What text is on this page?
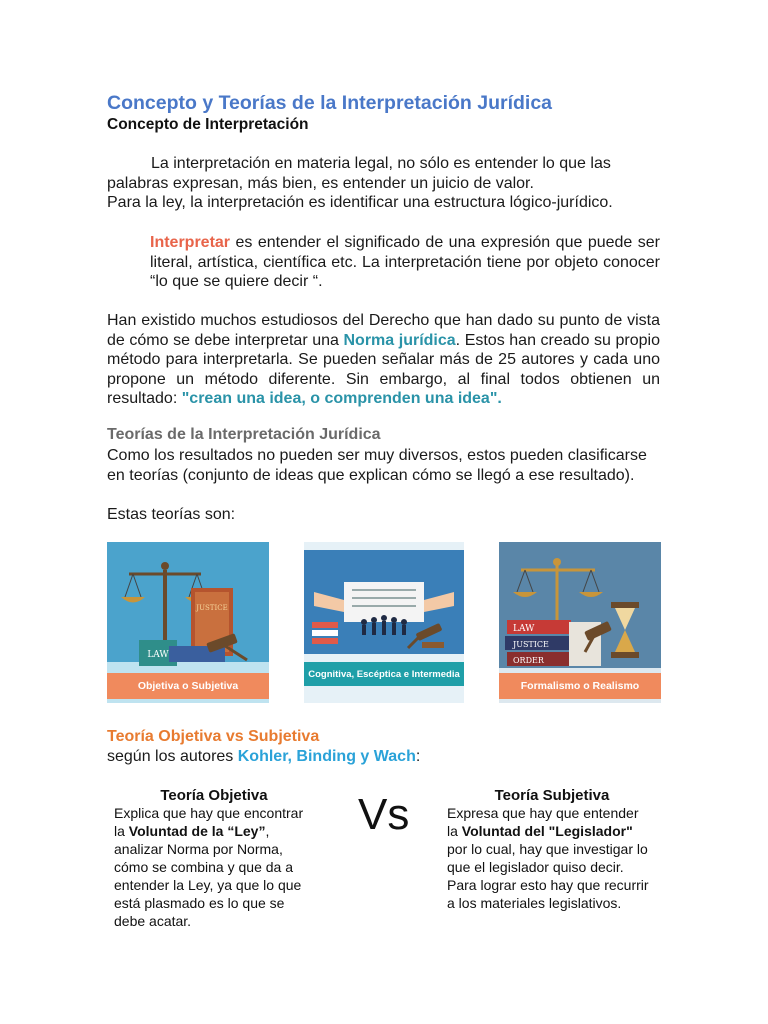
Concepto y Teorías de la Interpretación Jurídica
Concepto de Interpretación
La interpretación en materia legal, no sólo es entender lo que las palabras expresan, más bien, es entender un juicio de valor.
Para la ley, la interpretación es identificar una estructura lógico-jurídico.
Interpretar es entender el significado de una expresión que puede ser literal, artística, científica etc. La interpretación tiene por objeto conocer “lo que se quiere decir “.
Han existido muchos estudiosos del Derecho que han dado su punto de vista de cómo se debe interpretar una Norma jurídica. Estos han creado su propio método para interpretarla. Se pueden señalar más de 25 autores y cada uno propone un método diferente. Sin embargo, al final todos obtienen un resultado: "crean una idea, o comprenden una idea".
Teorías de la Interpretación Jurídica
Como los resultados no pueden ser muy diversos, estos pueden clasificarse en teorías (conjunto de ideas que explican cómo se llegó a ese resultado).
Estas teorías son:
JUSTICE
LAW
Objetiva o Subjetiva
Cognitiva, Escéptica e Intermedia
LAW
JUSTICE
ORDER
Formalismo o Realismo
Teoría Objetiva vs Subjetiva
según los autores Kohler, Binding y Wach:
Teoría Objetiva
Explica que hay que encontrar
la Voluntad de la “Ley”,
analizar Norma por Norma, cómo se combina y que da a entender la Ley, ya que lo que está plasmado es lo que se debe acatar.
Vs	Teoría Subjetiva
Expresa que hay que entender
la Voluntad del "Legislador"
por lo cual, hay que investigar lo que el legislador quiso decir. Para lograr esto hay que recurrir a los materiales legislativos.
